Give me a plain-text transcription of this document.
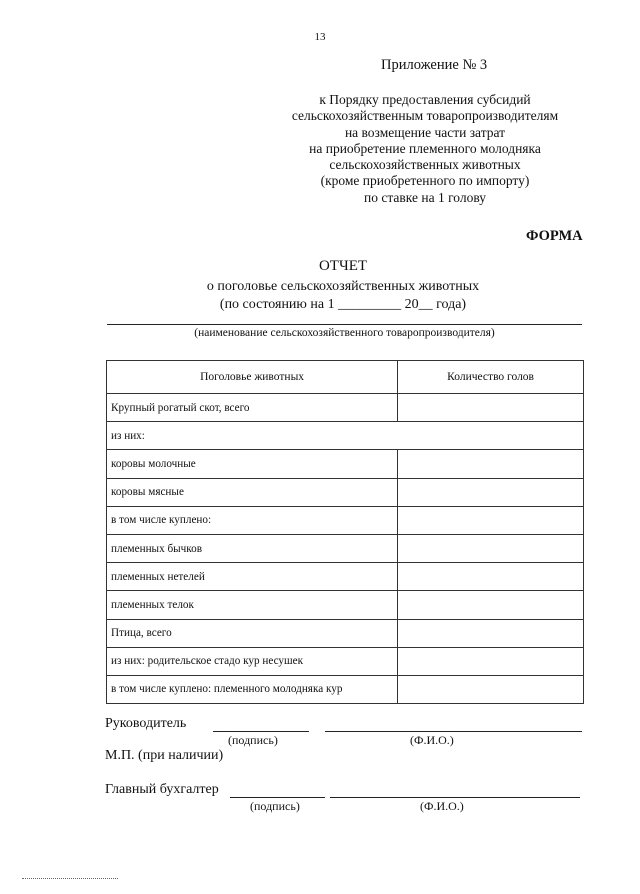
13
Приложение № 3
к Порядку предоставления субсидий
сельскохозяйственным товаропроизводителям
на возмещение части затрат
на приобретение племенного молодняка
сельскохозяйственных животных
(кроме приобретенного по импорту)
по ставке на 1 голову
ФОРМА
ОТЧЕТ
о поголовье сельскохозяйственных животных
(по состоянию на 1 _________ 20__ года)
(наименование сельскохозяйственного товаропроизводителя)
Поголовье животных	Количество голов
Крупный рогатый скот, всего	
из них:	
коровы молочные	
коровы мясные	
в том числе куплено:	
племенных бычков	
племенных нетелей	
племенных телок	
Птица, всего	
из них: родительское стадо кур несушек	
в том числе куплено: племенного молодняка кур	
Руководитель
(подпись)	(Ф.И.О.)
М.П. (при наличии)
Главный бухгалтер
(подпись)	(Ф.И.О.)
